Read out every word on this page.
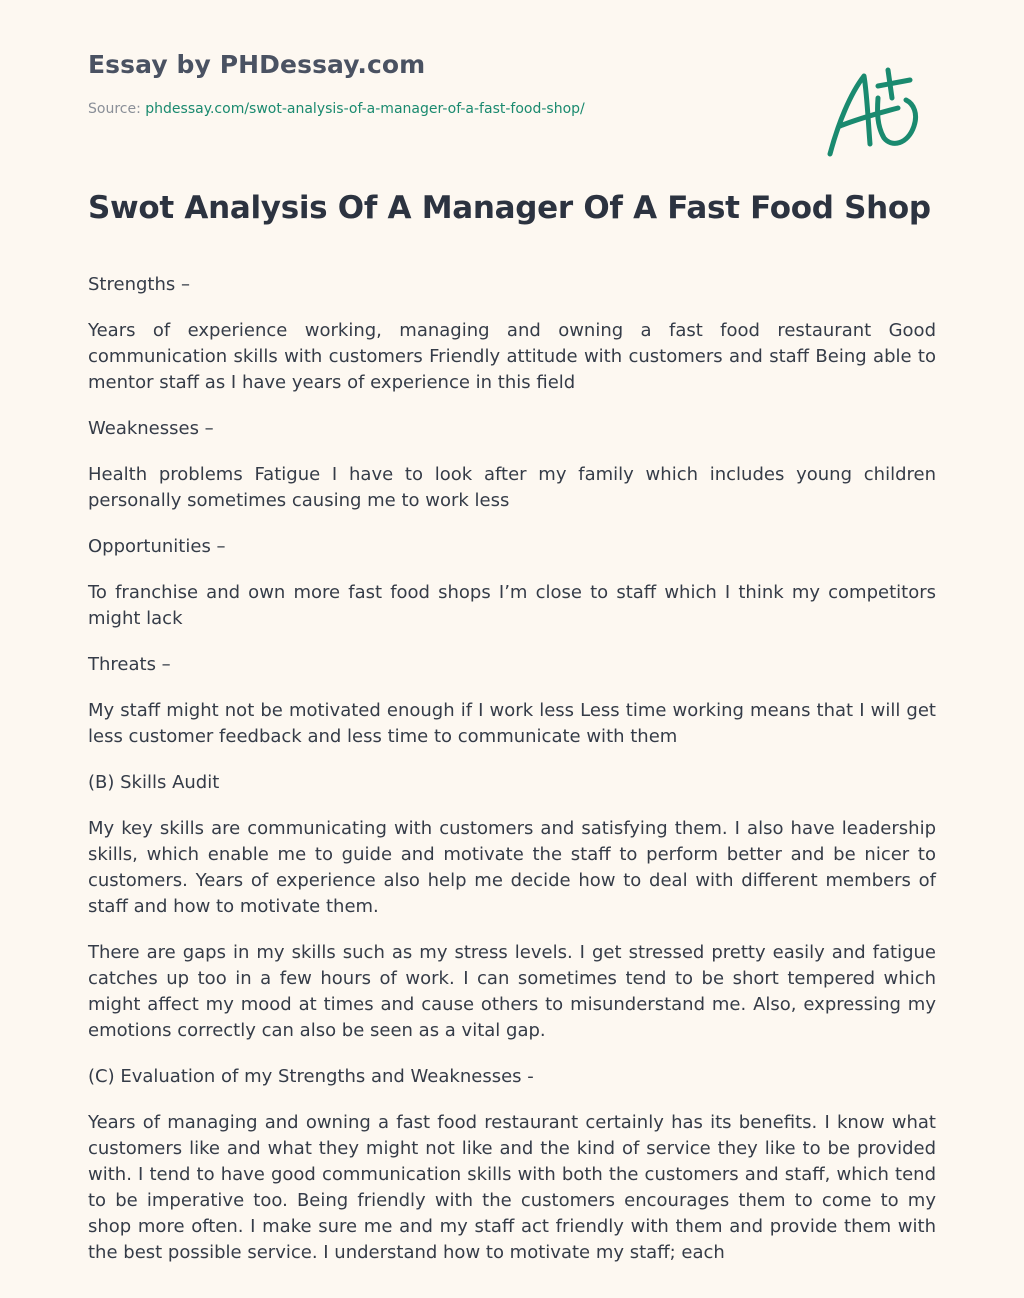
Essay by PHDessay.com
Source: phdessay.com/swot-analysis-of-a-manager-of-a-fast-food-shop/
Swot Analysis Of A Manager Of A Fast Food Shop

Strengths –

Years of experience working, managing and owning a fast food restaurant Good communication skills with customers Friendly attitude with customers and staff Being able to mentor staff as I have years of experience in this field

Weaknesses –

Health problems Fatigue I have to look after my family which includes young children personally sometimes causing me to work less

Opportunities –

To franchise and own more fast food shops I’m close to staff which I think my competitors might lack

Threats –

My staff might not be motivated enough if I work less Less time working means that I will get less customer feedback and less time to communicate with them

(B) Skills Audit

My key skills are communicating with customers and satisfying them. I also have leadership skills, which enable me to guide and motivate the staff to perform better and be nicer to customers. Years of experience also help me decide how to deal with different members of staff and how to motivate them.

There are gaps in my skills such as my stress levels. I get stressed pretty easily and fatigue catches up too in a few hours of work. I can sometimes tend to be short tempered which might affect my mood at times and cause others to misunderstand me. Also, expressing my emotions correctly can also be seen as a vital gap.

(C) Evaluation of my Strengths and Weaknesses -

Years of managing and owning a fast food restaurant certainly has its benefits. I know what customers like and what they might not like and the kind of service they like to be provided with. I tend to have good communication skills with both the customers and staff, which tend to be imperative too. Being friendly with the customers encourages them to come to my shop more often. I make sure me and my staff act friendly with them and provide them with the best possible service. I understand how to motivate my staff; each
